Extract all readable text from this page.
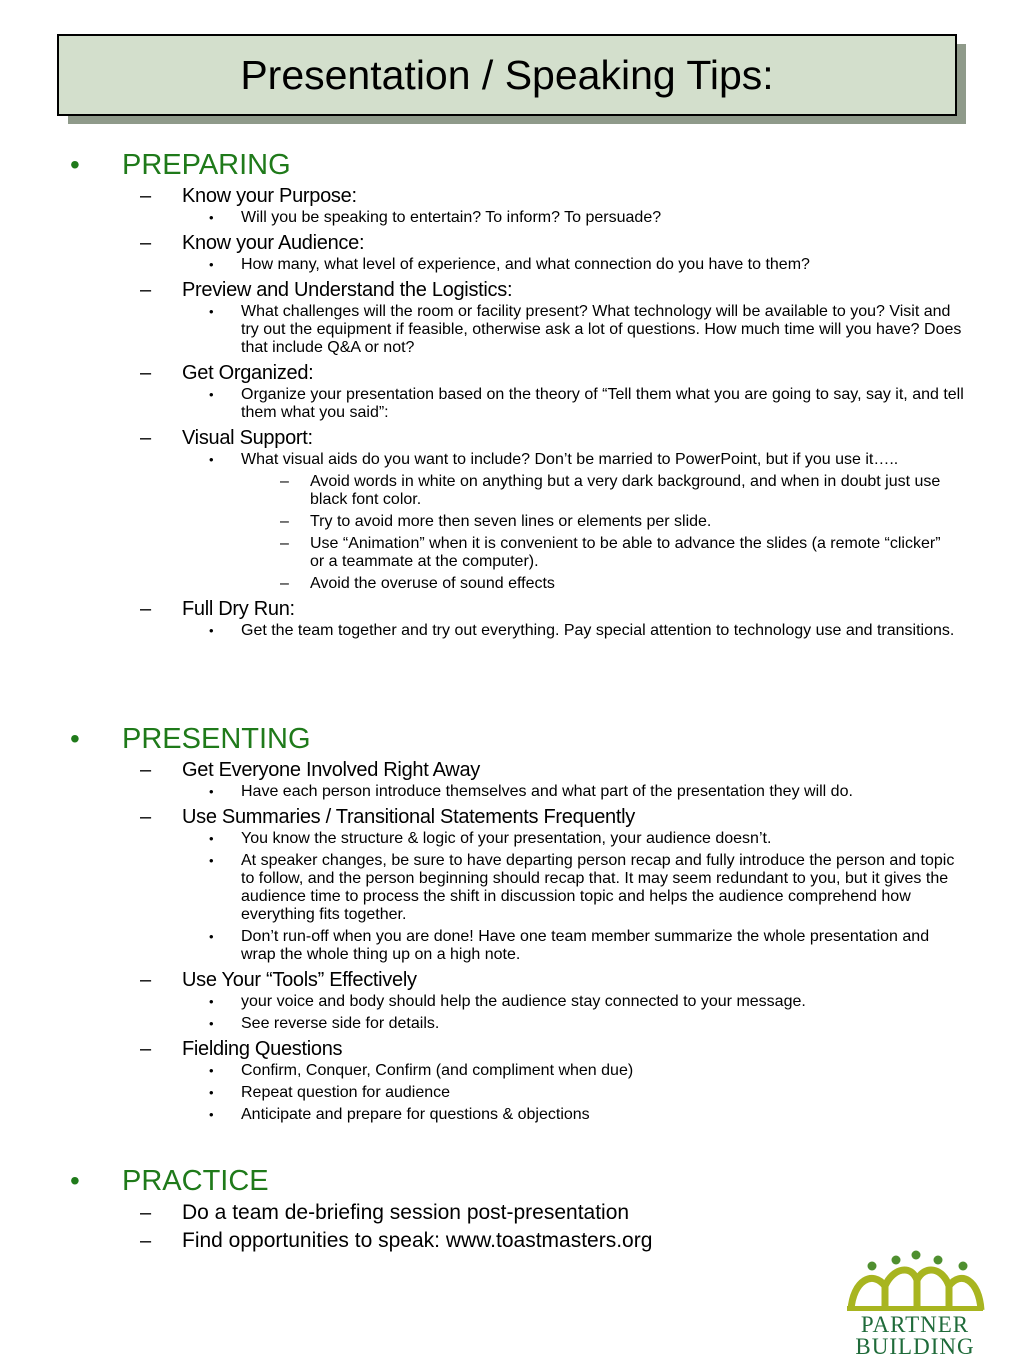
Presentation / Speaking Tips:
• PREPARING
– Know your Purpose:
• Will you be speaking to entertain? To inform? To persuade?
– Know your Audience:
• How many, what level of experience, and what connection do you have to them?
– Preview and Understand the Logistics:
• What challenges will the room or facility present? What technology will be available to you? Visit and try out the equipment if feasible, otherwise ask a lot of questions. How much time will you have? Does that include Q&A or not?
– Get Organized:
• Organize your presentation based on the theory of “Tell them what you are going to say, say it, and tell them what you said”:
– Visual Support:
• What visual aids do you want to include? Don’t be married to PowerPoint, but if you use it…..
– Avoid words in white on anything but a very dark background, and when in doubt just use black font color.
– Try to avoid more then seven lines or elements per slide.
– Use “Animation” when it is convenient to be able to advance the slides (a remote “clicker” or a teammate at the computer).
– Avoid the overuse of sound effects
– Full Dry Run:
• Get the team together and try out everything. Pay special attention to technology use and transitions.
• PRESENTING
– Get Everyone Involved Right Away
• Have each person introduce themselves and what part of the presentation they will do.
– Use Summaries / Transitional Statements Frequently
• You know the structure & logic of your presentation, your audience doesn’t.
• At speaker changes, be sure to have departing person recap and fully introduce the person and topic to follow, and the person beginning should recap that. It may seem redundant to you, but it gives the audience time to process the shift in discussion topic and helps the audience comprehend how everything fits together.
• Don’t run-off when you are done! Have one team member summarize the whole presentation and wrap the whole thing up on a high note.
– Use Your “Tools” Effectively
• your voice and body should help the audience stay connected to your message.
• See reverse side for details.
– Fielding Questions
• Confirm, Conquer, Confirm (and compliment when due)
• Repeat question for audience
• Anticipate and prepare for questions & objections
• PRACTICE
– Do a team de-briefing session post-presentation
– Find opportunities to speak: www.toastmasters.org
PARTNER
BUILDING
